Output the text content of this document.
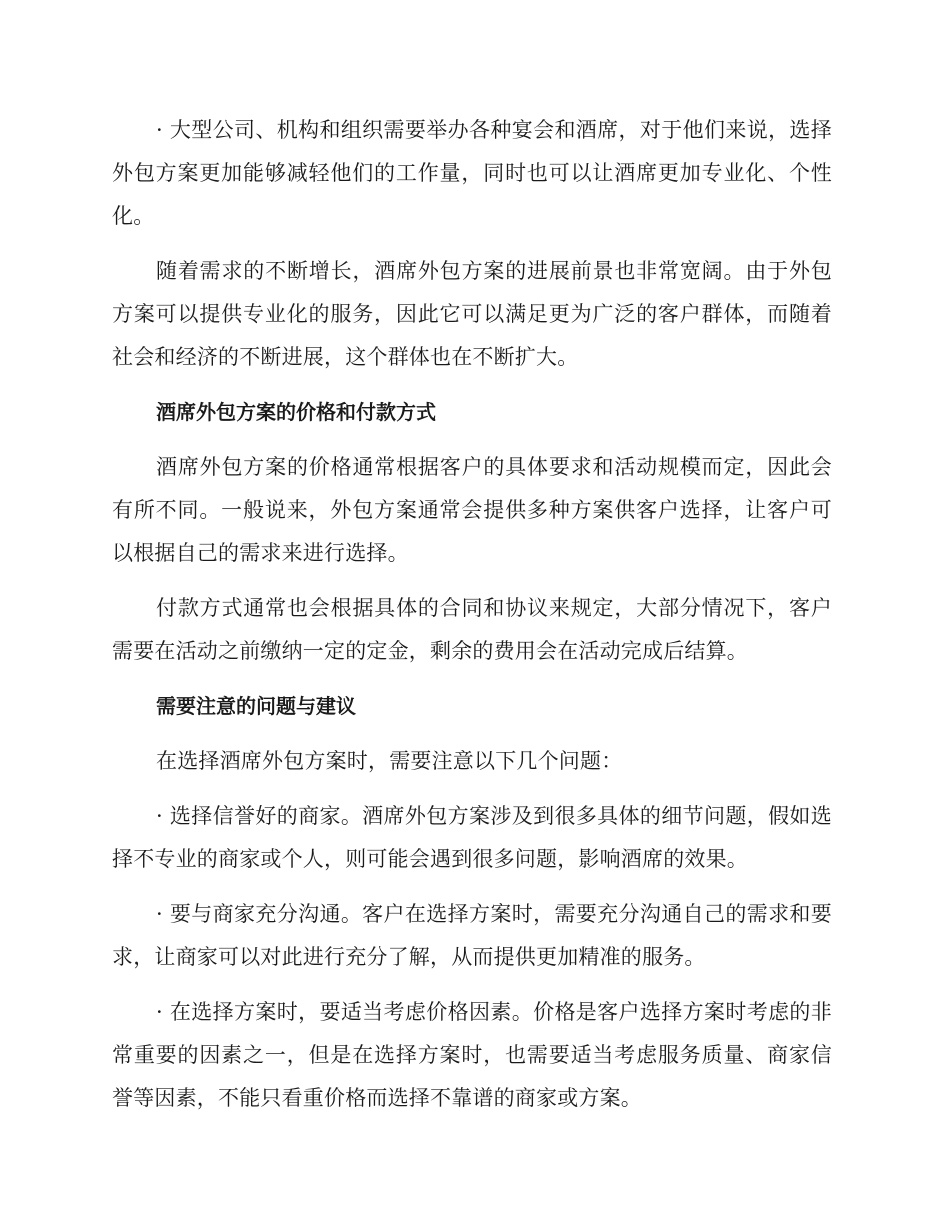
· 大型公司、机构和组织需要举办各种宴会和酒席，对于他们来说，选择外包方案更加能够减轻他们的工作量，同时也可以让酒席更加专业化、个性化。

随着需求的不断增长，酒席外包方案的进展前景也非常宽阔。由于外包方案可以提供专业化的服务，因此它可以满足更为广泛的客户群体，而随着社会和经济的不断进展，这个群体也在不断扩大。

酒席外包方案的价格和付款方式

酒席外包方案的价格通常根据客户的具体要求和活动规模而定，因此会有所不同。一般说来，外包方案通常会提供多种方案供客户选择，让客户可以根据自己的需求来进行选择。

付款方式通常也会根据具体的合同和协议来规定，大部分情况下，客户需要在活动之前缴纳一定的定金，剩余的费用会在活动完成后结算。

需要注意的问题与建议

在选择酒席外包方案时，需要注意以下几个问题：

· 选择信誉好的商家。酒席外包方案涉及到很多具体的细节问题，假如选择不专业的商家或个人，则可能会遇到很多问题，影响酒席的效果。

· 要与商家充分沟通。客户在选择方案时，需要充分沟通自己的需求和要求，让商家可以对此进行充分了解，从而提供更加精准的服务。

· 在选择方案时，要适当考虑价格因素。价格是客户选择方案时考虑的非常重要的因素之一，但是在选择方案时，也需要适当考虑服务质量、商家信誉等因素，不能只看重价格而选择不靠谱的商家或方案。
